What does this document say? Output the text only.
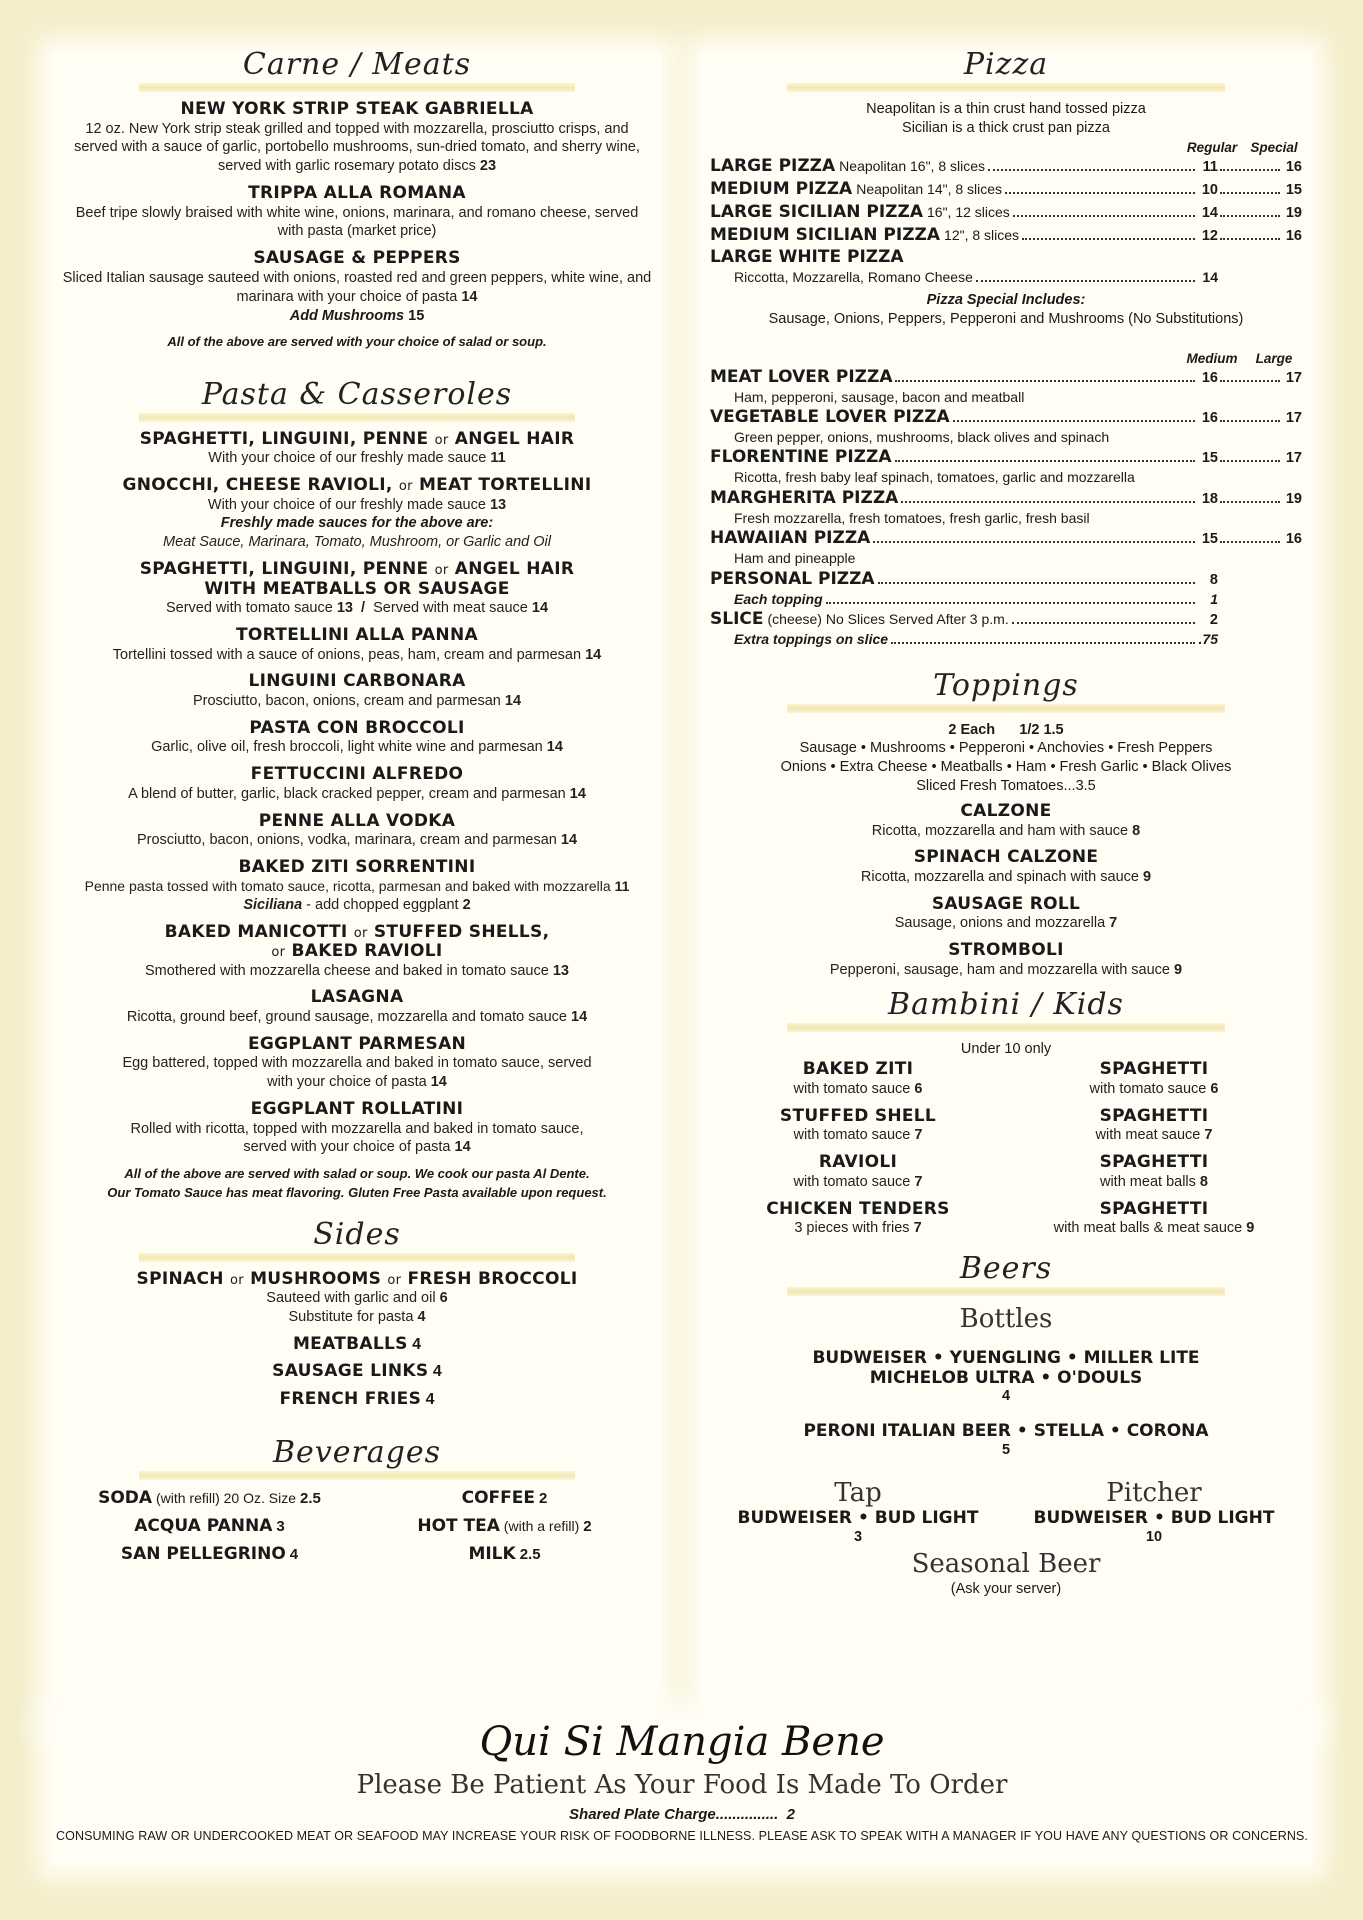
Carne / Meats
NEW YORK STRIP STEAK GABRIELLA
12 oz. New York strip steak grilled and topped with mozzarella, prosciutto crisps, and served with a sauce of garlic, portobello mushrooms, sun-dried tomato, and sherry wine, served with garlic rosemary potato discs 23
TRIPPA ALLA ROMANA
Beef tripe slowly braised with white wine, onions, marinara, and romano cheese, served with pasta (market price)
SAUSAGE & PEPPERS
Sliced Italian sausage sauteed with onions, roasted red and green peppers, white wine, and marinara with your choice of pasta 14
Add Mushrooms 15
All of the above are served with your choice of salad or soup.
Pasta & Casseroles
SPAGHETTI, LINGUINI, PENNE or ANGEL HAIR
With your choice of our freshly made sauce 11
GNOCCHI, CHEESE RAVIOLI, or MEAT TORTELLINI
With your choice of our freshly made sauce 13
Freshly made sauces for the above are:
Meat Sauce, Marinara, Tomato, Mushroom, or Garlic and Oil
SPAGHETTI, LINGUINI, PENNE or ANGEL HAIR
WITH MEATBALLS OR SAUSAGE
Served with tomato sauce 13 / Served with meat sauce 14
TORTELLINI ALLA PANNA
Tortellini tossed with a sauce of onions, peas, ham, cream and parmesan 14
LINGUINI CARBONARA
Prosciutto, bacon, onions, cream and parmesan 14
PASTA CON BROCCOLI
Garlic, olive oil, fresh broccoli, light white wine and parmesan 14
FETTUCCINI ALFREDO
A blend of butter, garlic, black cracked pepper, cream and parmesan 14
PENNE ALLA VODKA
Prosciutto, bacon, onions, vodka, marinara, cream and parmesan 14
BAKED ZITI SORRENTINI
Penne pasta tossed with tomato sauce, ricotta, parmesan and baked with mozzarella 11
Siciliana - add chopped eggplant 2
BAKED MANICOTTI or STUFFED SHELLS,
or BAKED RAVIOLI
Smothered with mozzarella cheese and baked in tomato sauce 13
LASAGNA
Ricotta, ground beef, ground sausage, mozzarella and tomato sauce 14
EGGPLANT PARMESAN
Egg battered, topped with mozzarella and baked in tomato sauce, served with your choice of pasta 14
EGGPLANT ROLLATINI
Rolled with ricotta, topped with mozzarella and baked in tomato sauce, served with your choice of pasta 14
All of the above are served with salad or soup. We cook our pasta Al Dente.
Our Tomato Sauce has meat flavoring. Gluten Free Pasta available upon request.
Sides
SPINACH or MUSHROOMS or FRESH BROCCOLI
Sauteed with garlic and oil 6
Substitute for pasta 4
MEATBALLS 4
SAUSAGE LINKS 4
FRENCH FRIES 4
Beverages
SODA (with refill) 20 Oz. Size 2.5	COFFEE 2
ACQUA PANNA 3	HOT TEA (with a refill) 2
SAN PELLEGRINO 4	MILK 2.5
Pizza
Neapolitan is a thin crust hand tossed pizza
Sicilian is a thick crust pan pizza
Regular Special
LARGE PIZZA Neapolitan 16", 8 slices	11	16
MEDIUM PIZZA Neapolitan 14", 8 slices	10	15
LARGE SICILIAN PIZZA 16", 12 slices	14	19
MEDIUM SICILIAN PIZZA 12", 8 slices	12	16
LARGE WHITE PIZZA
Riccotta, Mozzarella, Romano Cheese	14
Pizza Special Includes:
Sausage, Onions, Peppers, Pepperoni and Mushrooms (No Substitutions)
Medium	Large
MEAT LOVER PIZZA	16	17
Ham, pepperoni, sausage, bacon and meatball
VEGETABLE LOVER PIZZA	16	17
Green pepper, onions, mushrooms, black olives and spinach
FLORENTINE PIZZA	15	17
Ricotta, fresh baby leaf spinach, tomatoes, garlic and mozzarella
MARGHERITA PIZZA	18	19
Fresh mozzarella, fresh tomatoes, fresh garlic, fresh basil
HAWAIIAN PIZZA	15	16
Ham and pineapple
PERSONAL PIZZA	8
Each topping	1
SLICE (cheese) No Slices Served After 3 p.m.	2
Extra toppings on slice	.75
Toppings
2 Each      1/2 1.5
Sausage • Mushrooms • Pepperoni • Anchovies • Fresh Peppers
Onions • Extra Cheese • Meatballs • Ham • Fresh Garlic • Black Olives
Sliced Fresh Tomatoes...3.5
CALZONE
Ricotta, mozzarella and ham with sauce 8
SPINACH CALZONE
Ricotta, mozzarella and spinach with sauce 9
SAUSAGE ROLL
Sausage, onions and mozzarella 7
STROMBOLI
Pepperoni, sausage, ham and mozzarella with sauce 9
Bambini / Kids
Under 10 only
BAKED ZITI
with tomato sauce 6
SPAGHETTI
with tomato sauce 6
STUFFED SHELL
with tomato sauce 7
SPAGHETTI
with meat sauce 7
RAVIOLI
with tomato sauce 7
SPAGHETTI
with meat balls 8
CHICKEN TENDERS
3 pieces with fries 7
SPAGHETTI
with meat balls & meat sauce 9
Beers
Bottles
BUDWEISER • YUENGLING • MILLER LITE
MICHELOB ULTRA • O'DOULS
4
PERONI ITALIAN BEER • STELLA • CORONA
5
Tap
BUDWEISER • BUD LIGHT
3
Pitcher
BUDWEISER • BUD LIGHT
10
Seasonal Beer
(Ask your server)
Qui Si Mangia Bene
Please Be Patient As Your Food Is Made To Order
Shared Plate Charge............... 2
CONSUMING RAW OR UNDERCOOKED MEAT OR SEAFOOD MAY INCREASE YOUR RISK OF FOODBORNE ILLNESS. PLEASE ASK TO SPEAK WITH A MANAGER IF YOU HAVE ANY QUESTIONS OR CONCERNS.
